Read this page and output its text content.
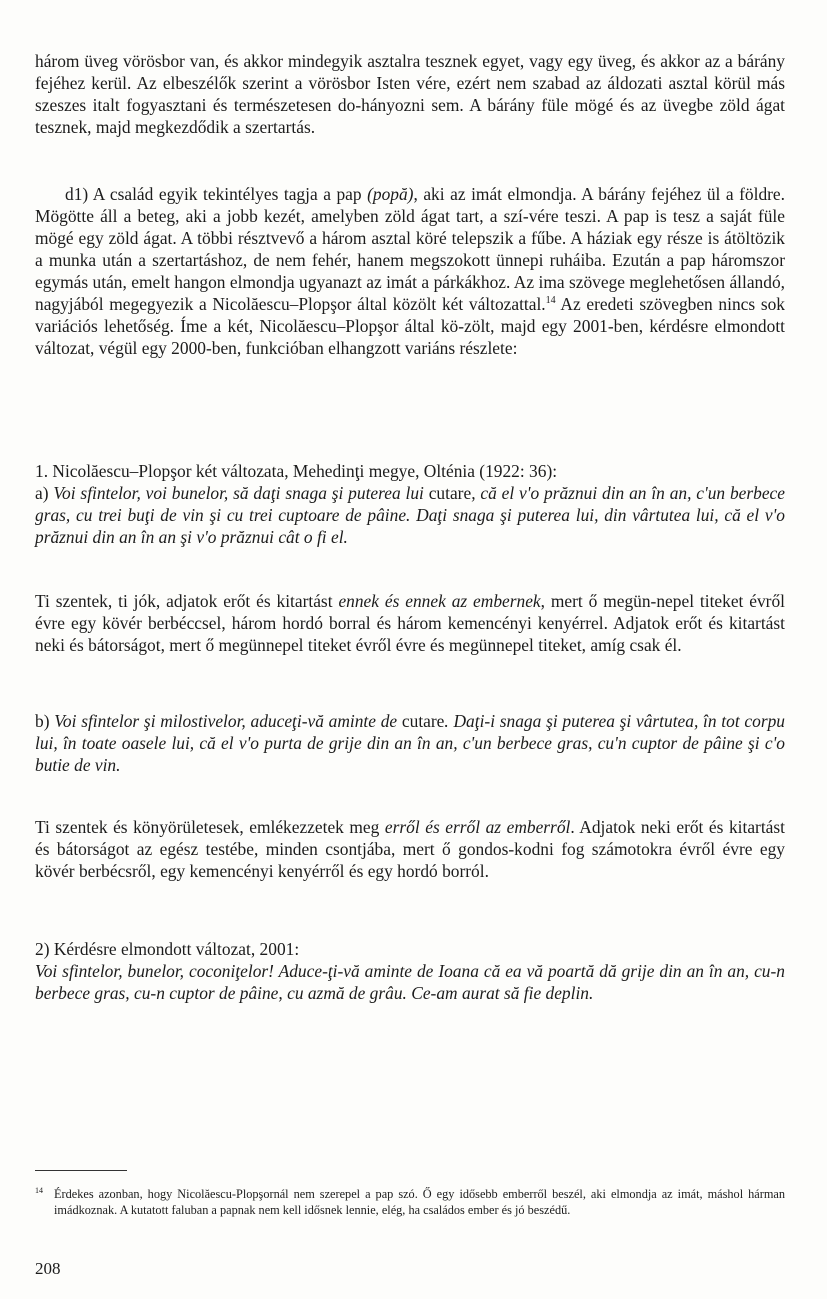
három üveg vörösbor van, és akkor mindegyik asztalra tesznek egyet, vagy egy üveg, és akkor az a bárány fejéhez kerül. Az elbeszélők szerint a vörösbor Isten vére, ezért nem szabad az áldozati asztal körül más szeszes italt fogyasztani és természetesen do-hányozni sem. A bárány füle mögé és az üvegbe zöld ágat tesznek, majd megkezdődik a szertartás.

d1) A család egyik tekintélyes tagja a pap (popă), aki az imát elmondja. A bárány fejéhez ül a földre. Mögötte áll a beteg, aki a jobb kezét, amelyben zöld ágat tart, a szí-vére teszi. A pap is tesz a saját füle mögé egy zöld ágat. A többi résztvevő a három asztal köré telepszik a fűbe. A háziak egy része is átöltözik a munka után a szertartáshoz, de nem fehér, hanem megszokott ünnepi ruháiba. Ezután a pap háromszor egymás után, emelt hangon elmondja ugyanazt az imát a párkákhoz. Az ima szövege meglehetősen állandó, nagyjából megegyezik a Nicolăescu–Plopşor által közölt két változattal.$^{14}$ Az eredeti szövegben nincs sok variációs lehetőség. Íme a két, Nicolăescu–Plopşor által kö-zölt, majd egy 2001-ben, kérdésre elmondott változat, végül egy 2000-ben, funkcióban elhangzott variáns részlete:

1. Nicolăescu–Plopşor két változata, Mehedinţi megye, Olténia (1922: 36):

a) Voi sfintelor, voi bunelor, să daţi snaga şi puterea lui cutare, că el v'o prăznui din an în an, c'un berbece gras, cu trei buţi de vin şi cu trei cuptoare de pâine. Daţi snaga şi puterea lui, din vârtutea lui, că el v'o prăznui din an în an şi v'o prăznui cât o fi el.

Ti szentek, ti jók, adjatok erőt és kitartást ennek és ennek az embernek, mert ő megün-nepel titeket évről évre egy kövér berbéccsel, három hordó borral és három kemencényi kenyérrel. Adjatok erőt és kitartást neki és bátorságot, mert ő megünnepel titeket évről évre és megünnepel titeket, amíg csak él.

b) Voi sfintelor şi milostivelor, aduceţi-vă aminte de cutare. Daţi-i snaga şi puterea şi vârtutea, în tot corpu lui, în toate oasele lui, că el v'o purta de grije din an în an, c'un berbece gras, cu'n cuptor de pâine şi c'o butie de vin.

Ti szentek és könyörületesek, emlékezzetek meg erről és erről az emberről. Adjatok neki erőt és kitartást és bátorságot az egész testébe, minden csontjába, mert ő gondos-kodni fog számotokra évről évre egy kövér berbécsről, egy kemencényi kenyérről és egy hordó borról.

2) Kérdésre elmondott változat, 2001:

Voi sfintelor, bunelor, coconiţelor! Aduce-ţi-vă aminte de Ioana că ea vă poartă dă grije din an în an, cu-n berbece gras, cu-n cuptor de pâine, cu azmă de grâu. Ce-am aurat să fie deplin.

14 Érdekes azonban, hogy Nicolăescu-Plopşornál nem szerepel a pap szó. Ő egy idősebb emberről beszél, aki elmondja az imát, máshol hárman imádkoznak. A kutatott faluban a papnak nem kell idősnek lennie, elég, ha családos ember és jó beszédű.
208
